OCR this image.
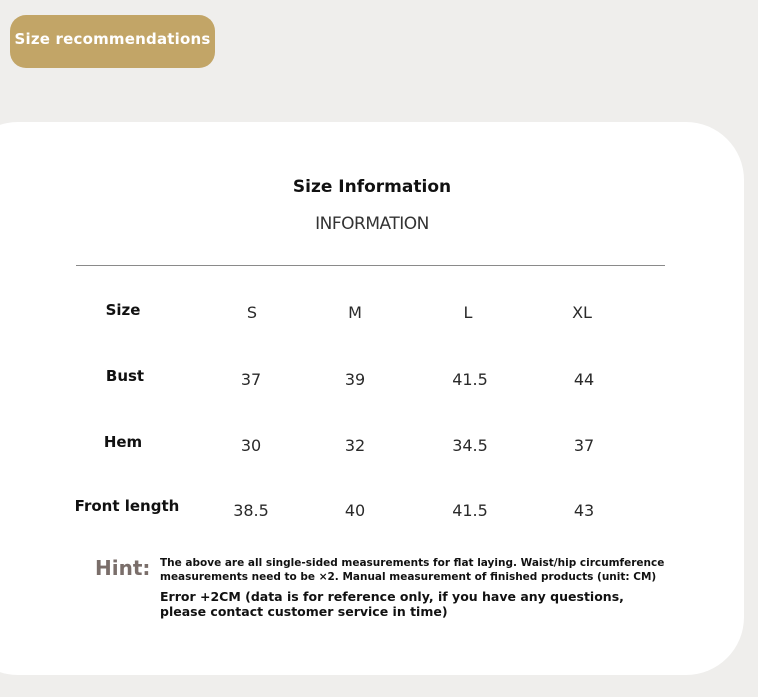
Size recommendations
Size Information
INFORMATION
Size	S	M	L	XL
Bust	37	39	41.5	44
Hem	30	32	34.5	37
Front length	38.5	40	41.5	43
Hint: The above are all single-sided measurements for flat laying. Waist/hip circumference
measurements need to be ×2. Manual measurement of finished products (unit: CM)
Error +2CM (data is for reference only, if you have any questions,
please contact customer service in time)
